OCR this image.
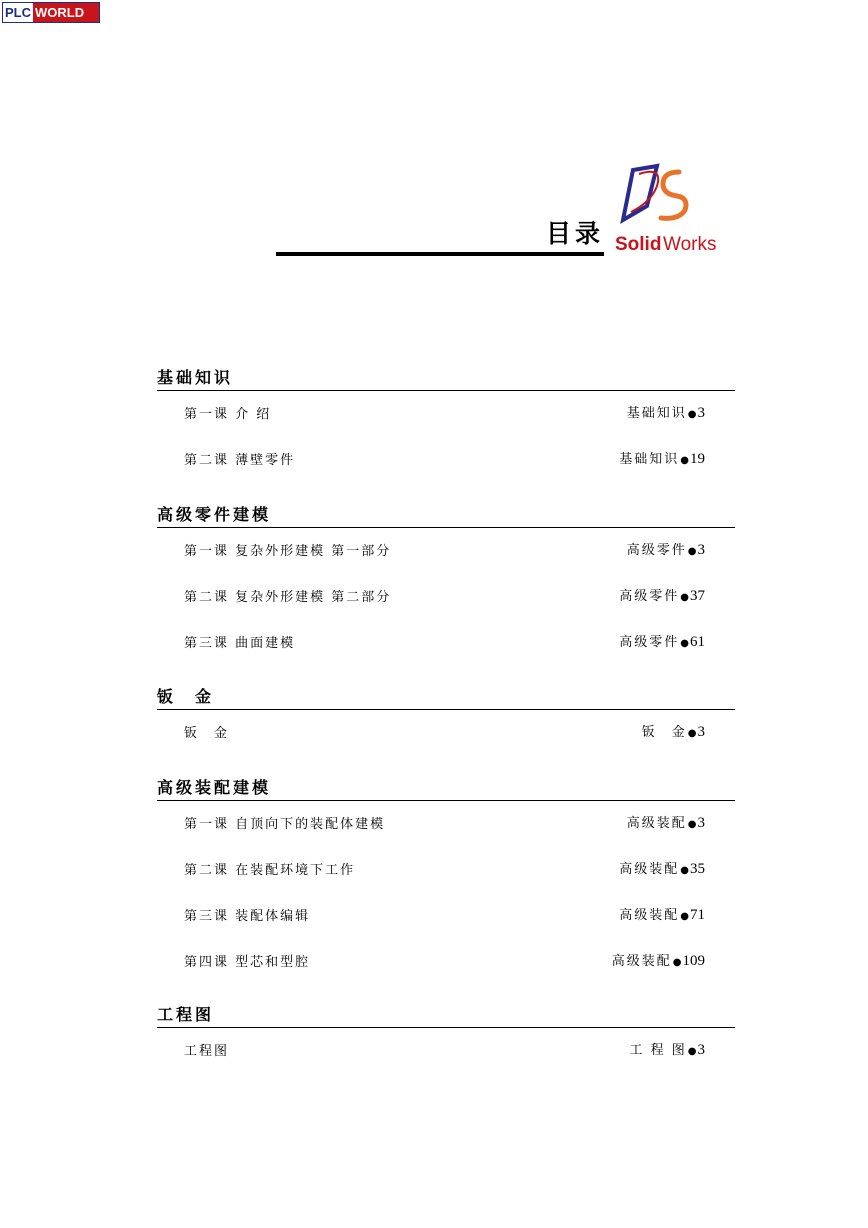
PLC WORLD
目录 Solid Works
基础知识
第一课 介 绍	基础知识●3
第二课 薄壁零件	基础知识●19
高级零件建模
第一课 复杂外形建模 第一部分	高级零件●3
第二课 复杂外形建模 第二部分	高级零件●37
第三课 曲面建模	高级零件●61
钣　金
钣　金	钣　金●3
高级装配建模
第一课 自顶向下的装配体建模	高级装配●3
第二课 在装配环境下工作	高级装配●35
第三课 装配体编辑	高级装配●71
第四课 型芯和型腔	高级装配●109
工程图
工程图	工 程 图●3
